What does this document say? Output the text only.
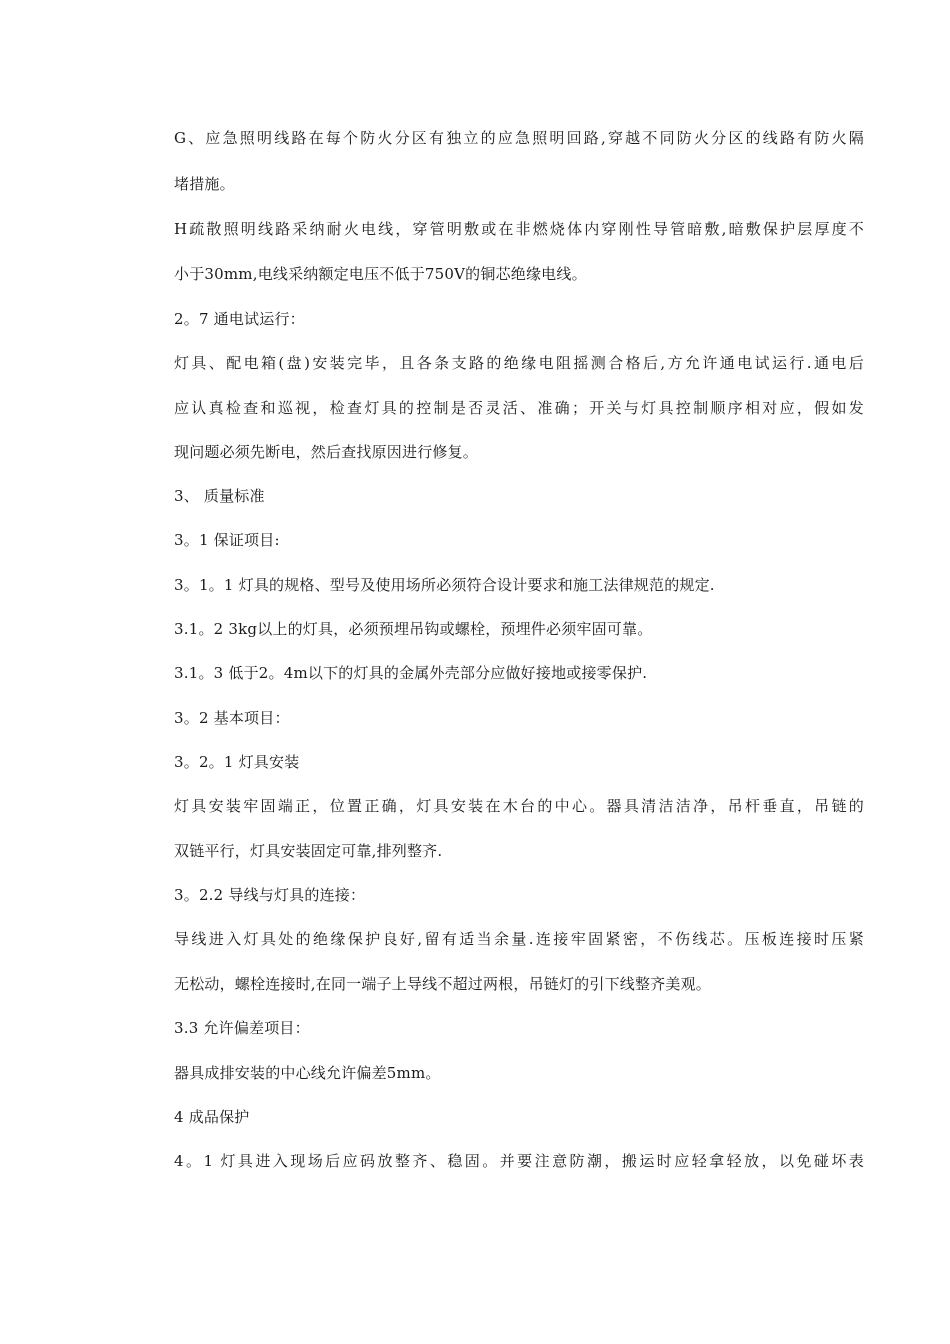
G、应急照明线路在每个防火分区有独立的应急照明回路,穿越不同防火分区的线路有防火隔
堵措施。
H疏散照明线路采纳耐火电线，穿管明敷或在非燃烧体内穿刚性导管暗敷,暗敷保护层厚度不
小于30mm,电线采纳额定电压不低于750V的铜芯绝缘电线。
2。7 通电试运行：
灯具、配电箱(盘)安装完毕，且各条支路的绝缘电阻摇测合格后,方允许通电试运行.通电后
应认真检查和巡视，检查灯具的控制是否灵活、准确；开关与灯具控制顺序相对应，假如发
现问题必须先断电，然后查找原因进行修复。
3、 质量标准
3。1 保证项目:
3。1。1 灯具的规格、型号及使用场所必须符合设计要求和施工法律规范的规定.
3.1。2 3kg以上的灯具，必须预埋吊钩或螺栓，预埋件必须牢固可靠。
3.1。3 低于2。4m以下的灯具的金属外壳部分应做好接地或接零保护.
3。2 基本项目：
3。2。1 灯具安装
灯具安装牢固端正，位置正确，灯具安装在木台的中心。器具清洁洁净，吊杆垂直，吊链的
双链平行，灯具安装固定可靠,排列整齐.
3。2.2 导线与灯具的连接：
导线进入灯具处的绝缘保护良好,留有适当余量.连接牢固紧密，不伤线芯。压板连接时压紧
无松动，螺栓连接时,在同一端子上导线不超过两根，吊链灯的引下线整齐美观。
3.3 允许偏差项目：
器具成排安装的中心线允许偏差5mm。
4 成品保护
4。1 灯具进入现场后应码放整齐、稳固。并要注意防潮，搬运时应轻拿轻放，以免碰坏表
